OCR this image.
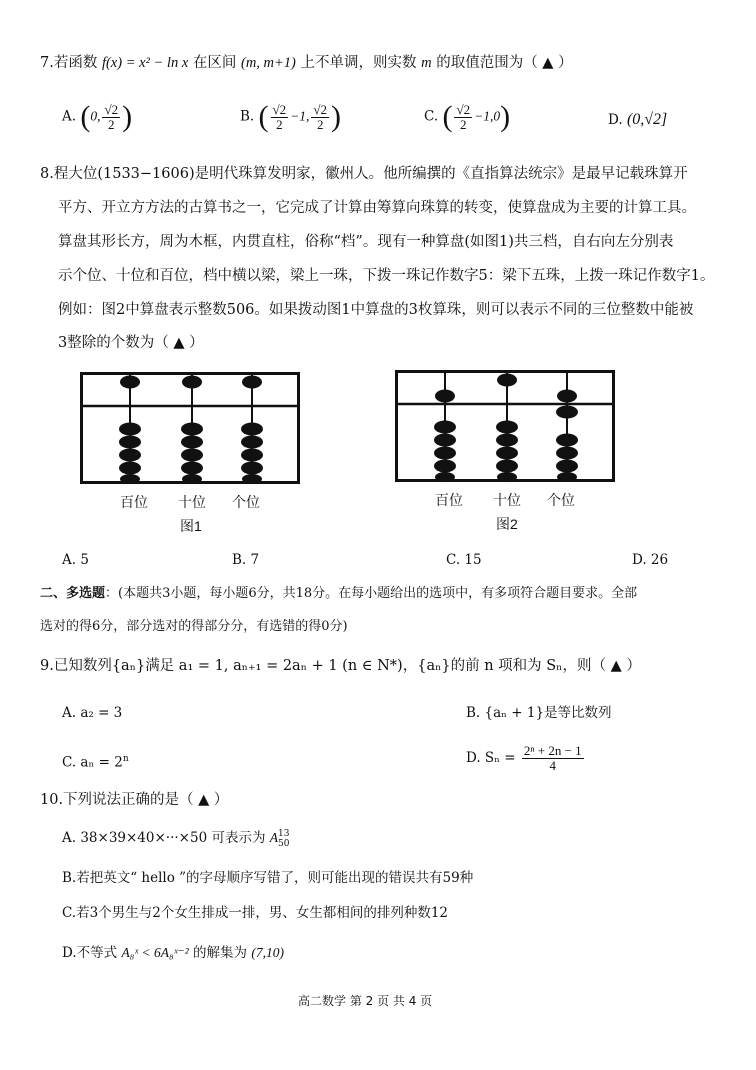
7.若函数 f(x) = x² − ln x 在区间 (m, m+1) 上不单调，则实数 m 的取值范围为（ ▲ ）
A. (0, $\frac{√2}{2}$ )	B. ( $\frac{√2}{2} -1$, $\frac{√2}{2}$ )	C. ( $\frac{√2}{2} -1,0$)	D. (0,√2]
8.程大位(1533−1606)是明代珠算发明家，徽州人。他所编撰的《直指算法统宗》是最早记载珠算开
平方、开立方方法的古算书之一，它完成了计算由筹算向珠算的转变，使算盘成为主要的计算工具。
算盘其形长方，周为木框，内贯直柱，俗称“档”。现有一种算盘(如图1)共三档，自右向左分别表
示个位、十位和百位，档中横以梁，梁上一珠，下拨一珠记作数字5：梁下五珠，上拨一珠记作数字1。
例如：图2中算盘表示整数506。如果拨动图1中算盘的3枚算珠，则可以表示不同的三位整数中能被
3整除的个数为（ ▲ ）
百位 十位 个位
图1
百位 十位 个位
图2
A. 5	B. 7	C. 15	D. 26
二、多选题：(本题共3小题，每小题6分，共18分。在每小题给出的选项中，有多项符合题目要求。全部
选对的得6分，部分选对的得部分分，有选错的得0分)
9.已知数列{aₙ}满足 a₁ = 1, aₙ₊₁ = 2aₙ + 1 (n ∈ N*)，{aₙ}的前 n 项和为 Sₙ，则（ ▲ ）
A. a₂ = 3	B. {aₙ + 1}是等比数列
C. $a_n = 2^n$	D. $S_n = \frac{\text{2ⁿ + 2n − 1}}{4}$
10.下列说法正确的是（ ▲ ）
A. 38×39×40×···×50 可表示为 A 13
50
B.若把英文“ hello ”的字母顺序写错了，则可能出现的错误共有59种
C.若3个男生与2个女生排成一排，男、女生都相间的排列种数12
D.不等式 A₈ˣ < 6A₈ˣ⁻² 的解集为 (7,10)
高二数学 第 2 页 共 4 页
